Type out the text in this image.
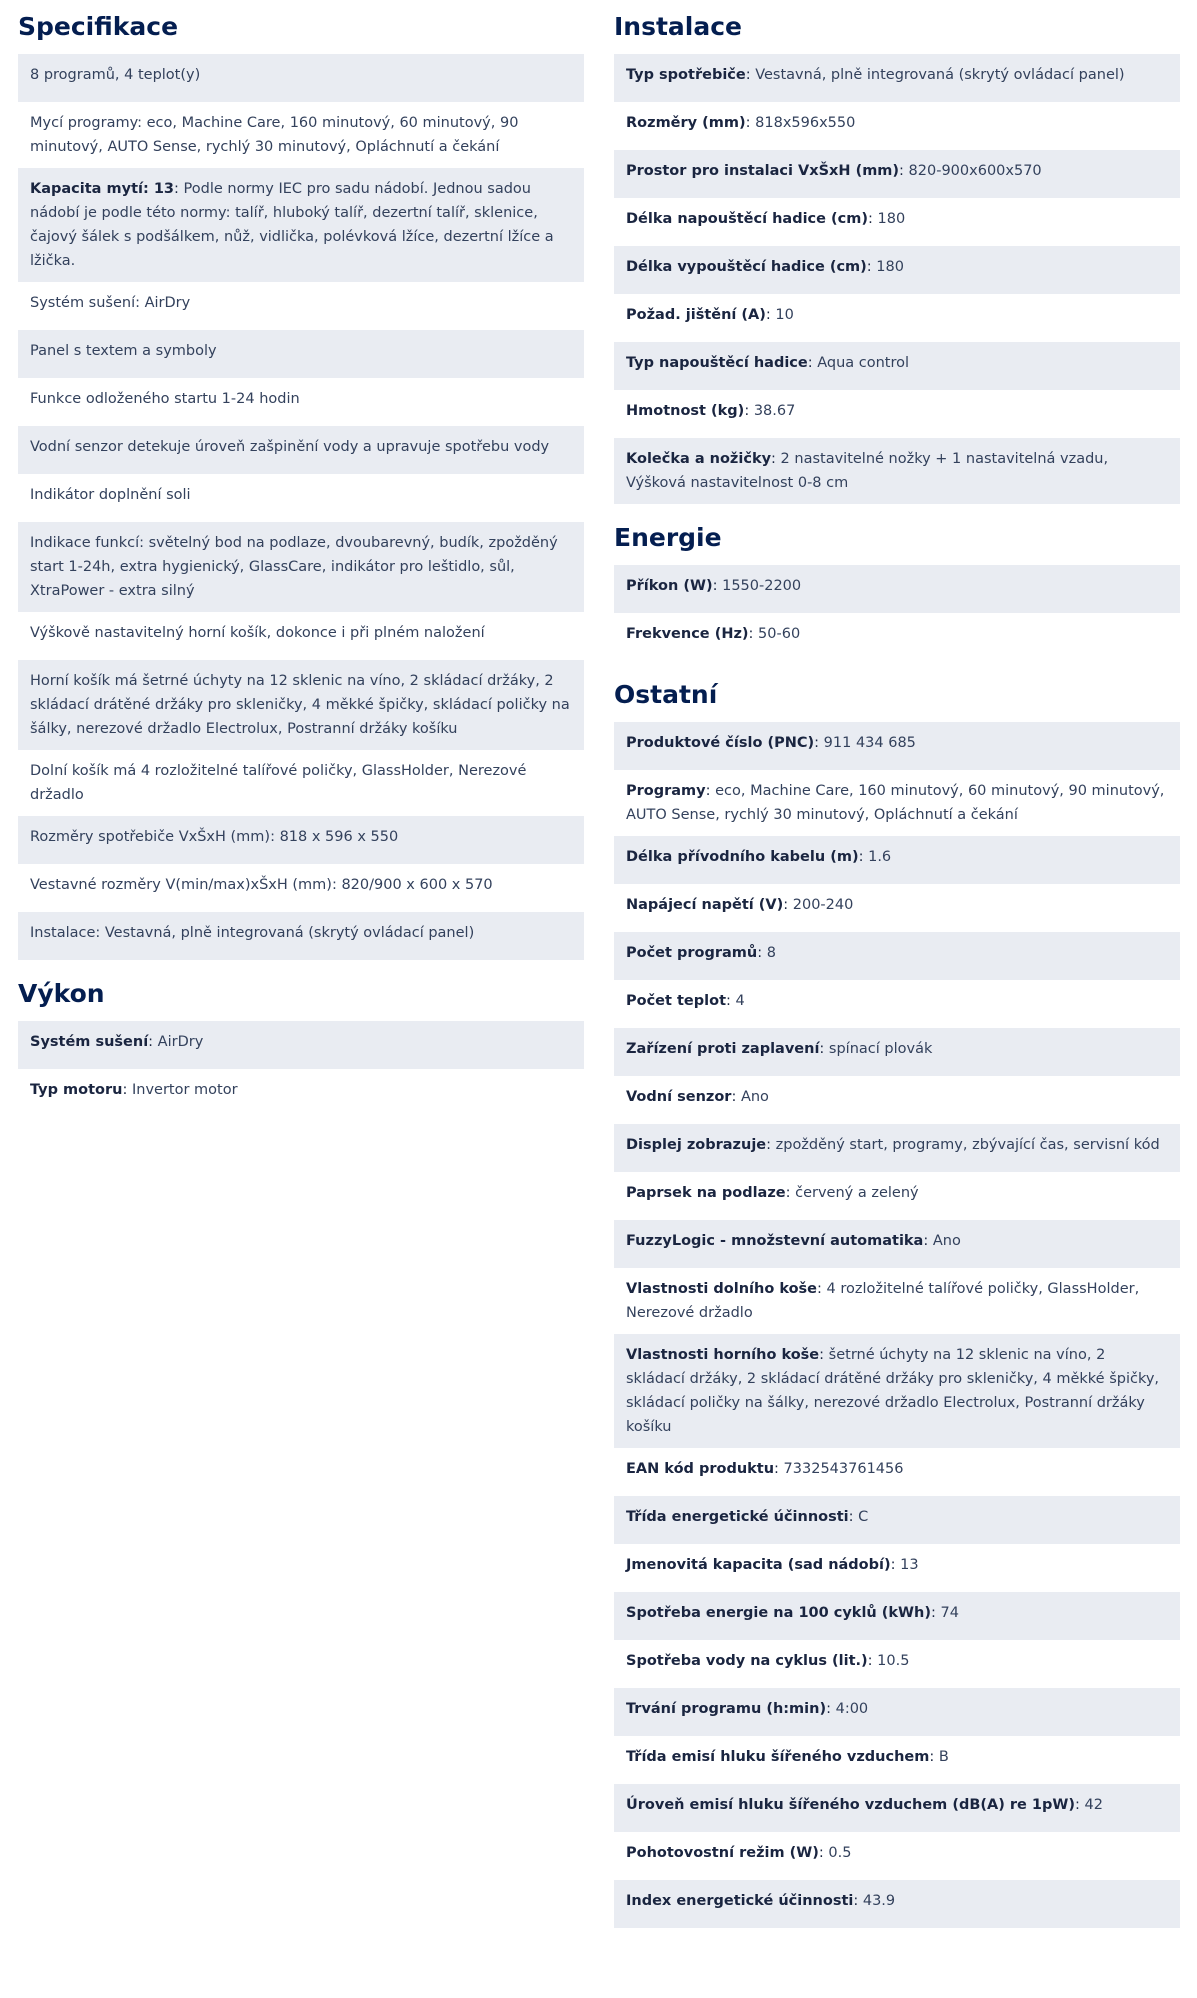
Specifikace
8 programů, 4 teplot(y)
Mycí programy: eco, Machine Care, 160 minutový, 60 minutový, 90 minutový, AUTO Sense, rychlý 30 minutový, Opláchnutí a čekání
Kapacita mytí: 13 : Podle normy IEC pro sadu nádobí. Jednou sadou nádobí je podle této normy: talíř, hluboký talíř, dezertní talíř, sklenice, čajový šálek s podšálkem, nůž, vidlička, polévková lžíce, dezertní lžíce a lžička.
Systém sušení: AirDry
Panel s textem a symboly
Funkce odloženého startu 1-24 hodin
Vodní senzor detekuje úroveň zašpinění vody a upravuje spotřebu vody
Indikátor doplnění soli
Indikace funkcí: světelný bod na podlaze, dvoubarevný, budík, zpožděný start 1-24h, extra hygienický, GlassCare, indikátor pro leštidlo, sůl, XtraPower - extra silný
Výškově nastavitelný horní košík, dokonce i při plném naložení
Horní košík má šetrné úchyty na 12 sklenic na víno, 2 skládací držáky, 2 skládací drátěné držáky pro skleničky, 4 měkké špičky, skládací poličky na šálky, nerezové držadlo Electrolux, Postranní držáky košíku
Dolní košík má 4 rozložitelné talířové poličky, GlassHolder, Nerezové držadlo
Rozměry spotřebiče VxŠxH (mm): 818 x 596 x 550
Vestavné rozměry V(min/max)xŠxH (mm): 820/900 x 600 x 570
Instalace: Vestavná, plně integrovaná (skrytý ovládací panel)
Výkon
Systém sušení : AirDry
Typ motoru : Invertor motor
Instalace
Typ spotřebiče : Vestavná, plně integrovaná (skrytý ovládací panel)
Rozměry (mm) : 818x596x550
Prostor pro instalaci VxŠxH (mm) : 820-900x600x570
Délka napouštěcí hadice (cm) : 180
Délka vypouštěcí hadice (cm) : 180
Požad. jištění (A) : 10
Typ napouštěcí hadice : Aqua control
Hmotnost (kg) : 38.67
Kolečka a nožičky : 2 nastavitelné nožky + 1 nastavitelná vzadu, Výšková nastavitelnost 0-8 cm
Energie
Příkon (W) : 1550-2200
Frekvence (Hz) : 50-60
Ostatní
Produktové číslo (PNC) : 911 434 685
Programy : eco, Machine Care, 160 minutový, 60 minutový, 90 minutový, AUTO Sense, rychlý 30 minutový, Opláchnutí a čekání
Délka přívodního kabelu (m) : 1.6
Napájecí napětí (V) : 200-240
Počet programů : 8
Počet teplot : 4
Zařízení proti zaplavení : spínací plovák
Vodní senzor : Ano
Displej zobrazuje : zpožděný start, programy, zbývající čas, servisní kód
Paprsek na podlaze : červený a zelený
FuzzyLogic - množstevní automatika : Ano
Vlastnosti dolního koše : 4 rozložitelné talířové poličky, GlassHolder, Nerezové držadlo
Vlastnosti horního koše : šetrné úchyty na 12 sklenic na víno, 2 skládací držáky, 2 skládací drátěné držáky pro skleničky, 4 měkké špičky, skládací poličky na šálky, nerezové držadlo Electrolux, Postranní držáky košíku
EAN kód produktu : 7332543761456
Třída energetické účinnosti : C
Jmenovitá kapacita (sad nádobí) : 13
Spotřeba energie na 100 cyklů (kWh) : 74
Spotřeba vody na cyklus (lit.) : 10.5
Trvání programu (h:min) : 4:00
Třída emisí hluku šířeného vzduchem : B
Úroveň emisí hluku šířeného vzduchem (dB(A) re 1pW) : 42
Pohotovostní režim (W) : 0.5
Index energetické účinnosti : 43.9
